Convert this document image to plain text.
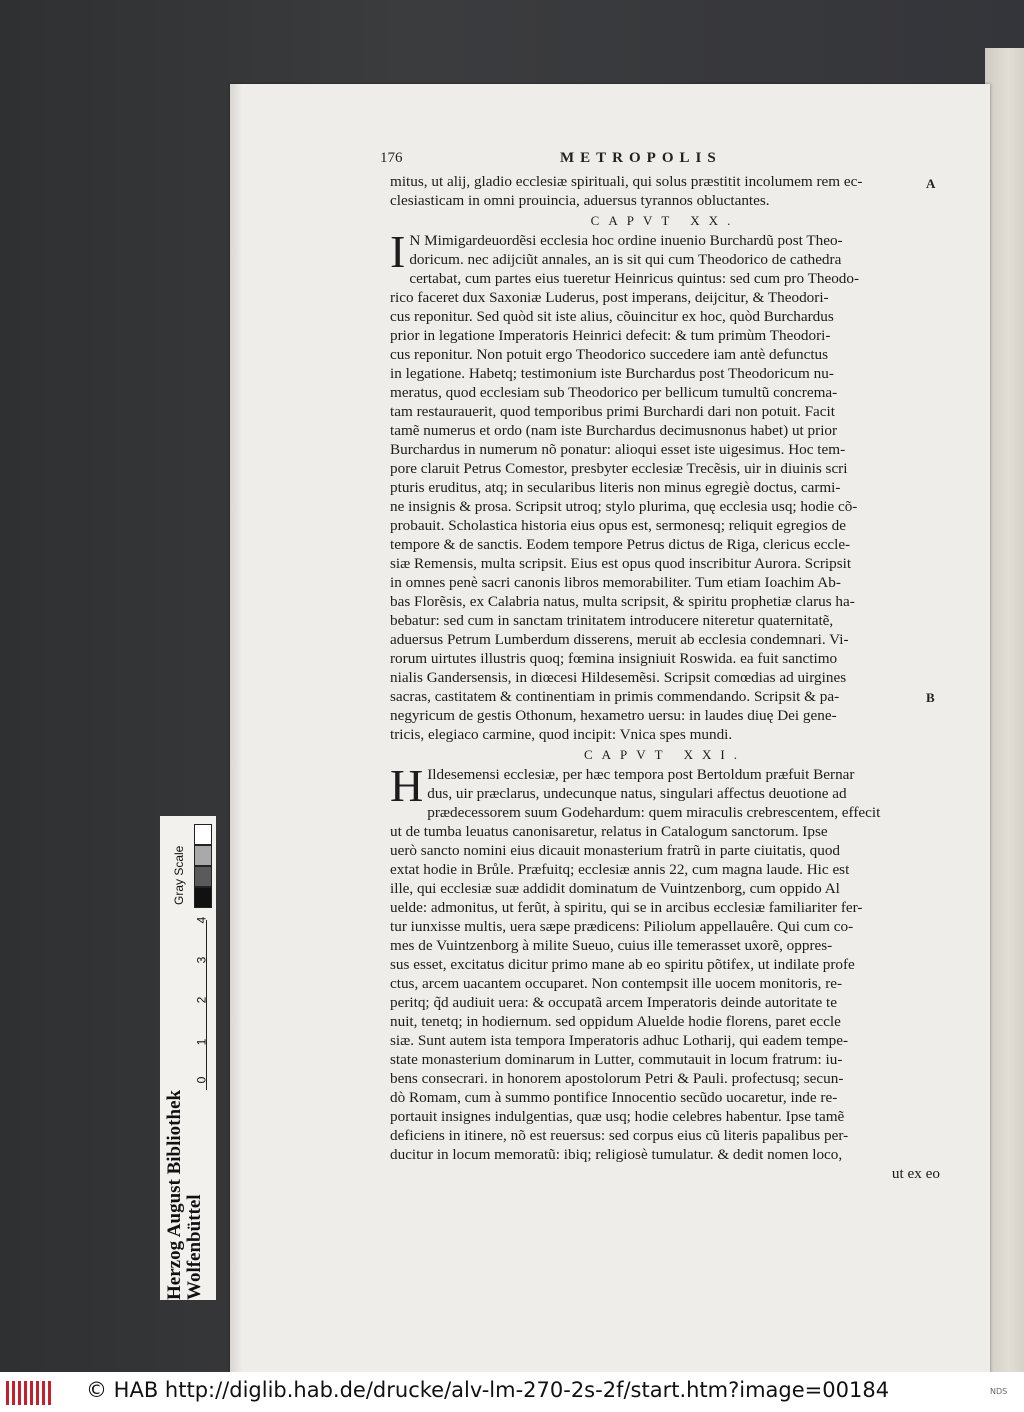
176	METROPOLIS
A
B

mitus, ut alij, gladio ecclesiæ spirituali, qui solus præstitit incolumem rem ec-

clesiasticam in omni prouincia, aduersus tyrannos obluctantes.

CAPVT XX.
I N Mimigardeuordẽsi ecclesia hoc ordine inuenio Burchardũ post Theo-

doricum. nec adijciũt annales, an is sit qui cum Theodorico de cathedra

certabat, cum partes eius tueretur Heinricus quintus: sed cum pro Theodo-

rico faceret dux Saxoniæ Luderus, post imperans, deijcitur, & Theodori-

cus reponitur. Sed quòd sit iste alius, cõuincitur ex hoc, quòd Burchardus

prior in legatione Imperatoris Heinrici defecit: & tum primùm Theodori-

cus reponitur. Non potuit ergo Theodorico succedere iam antè defunctus

in legatione. Habetq; testimonium iste Burchardus post Theodoricum nu-

meratus, quod ecclesiam sub Theodorico per bellicum tumultũ concrema-

tam restaurauerit, quod temporibus primi Burchardi dari non potuit. Facit

tamẽ numerus et ordo (nam iste Burchardus decimusnonus habet) ut prior

Burchardus in numerum nõ ponatur: alioqui esset iste uigesimus. Hoc tem-

pore claruit Petrus Comestor, presbyter ecclesiæ Trecẽsis, uir in diuinis scri

pturis eruditus, atq; in secularibus literis non minus egregiè doctus, carmi-

ne insignis & prosa. Scripsit utroq; stylo plurima, quę ecclesia usq; hodie cõ-

probauit. Scholastica historia eius opus est, sermonesq; reliquit egregios de

tempore & de sanctis. Eodem tempore Petrus dictus de Riga, clericus eccle-

siæ Remensis, multa scripsit. Eius est opus quod inscribitur Aurora. Scripsit

in omnes penè sacri canonis libros memorabiliter. Tum etiam Ioachim Ab-

bas Florẽsis, ex Calabria natus, multa scripsit, & spiritu prophetiæ clarus ha-

bebatur: sed cum in sanctam trinitatem introducere niteretur quaternitatẽ,

aduersus Petrum Lumberdum disserens, meruit ab ecclesia condemnari. Vi-

rorum uirtutes illustris quoq; fœmina insigniuit Roswida. ea fuit sanctimo

nialis Gandersensis, in diœcesi Hildesemẽsi. Scripsit comœdias ad uirgines

sacras, castitatem & continentiam in primis commendando. Scripsit & pa-

negyricum de gestis Othonum, hexametro uersu: in laudes diuę Dei gene-

tricis, elegiaco carmine, quod incipit: Vnica spes mundi.

CAPVT XXI.
H Ildesemensi ecclesiæ, per hæc tempora post Bertoldum præfuit Bernar

dus, uir præclarus, undecunque natus, singulari affectus deuotione ad

prædecessorem suum Godehardum: quem miraculis crebrescentem, effecit

ut de tumba leuatus canonisaretur, relatus in Catalogum sanctorum. Ipse

uerò sancto nomini eius dicauit monasterium fratrũ in parte ciuitatis, quod

extat hodie in Brůle. Præfuitq; ecclesiæ annis 22, cum magna laude. Hic est

ille, qui ecclesiæ suæ addidit dominatum de Vuintzenborg, cum oppido Al

uelde: admonitus, ut ferũt, à spiritu, qui se in arcibus ecclesiæ familiariter fer-

tur iunxisse multis, uera sæpe prædicens: Piliolum appellauêre. Qui cum co-

mes de Vuintzenborg à milite Sueuo, cuius ille temerasset uxorẽ, oppres-

sus esset, excitatus dicitur primo mane ab eo spiritu põtifex, ut indilate profe

ctus, arcem uacantem occuparet. Non contempsit ille uocem monitoris, re-

peritq; q̃d audiuit uera: & occupatã arcem Imperatoris deinde autoritate te

nuit, tenetq; in hodiernum. sed oppidum Aluelde hodie florens, paret eccle

siæ. Sunt autem ista tempora Imperatoris adhuc Lotharij, qui eadem tempe-

state monasterium dominarum in Lutter, commutauit in locum fratrum: iu-

bens consecrari. in honorem apostolorum Petri & Pauli. profectusq; secun-

dò Romam, cum à summo pontifice Innocentio secũdo uocaretur, inde re-

portauit insignes indulgentias, quæ usq; hodie celebres habentur. Ipse tamẽ

deficiens in itinere, nõ est reuersus: sed corpus eius cũ literis papalibus per-

ducitur in locum memoratũ: ibiq; religiosè tumulatur. & dedit nomen loco,

ut ex eo

Herzog August Bibliothek Wolfenbüttel
Gray Scale
0
1
2
3
4
© HAB http://diglib.hab.de/drucke/alv-lm-270-2s-2f/start.htm?image=00184	NDS
